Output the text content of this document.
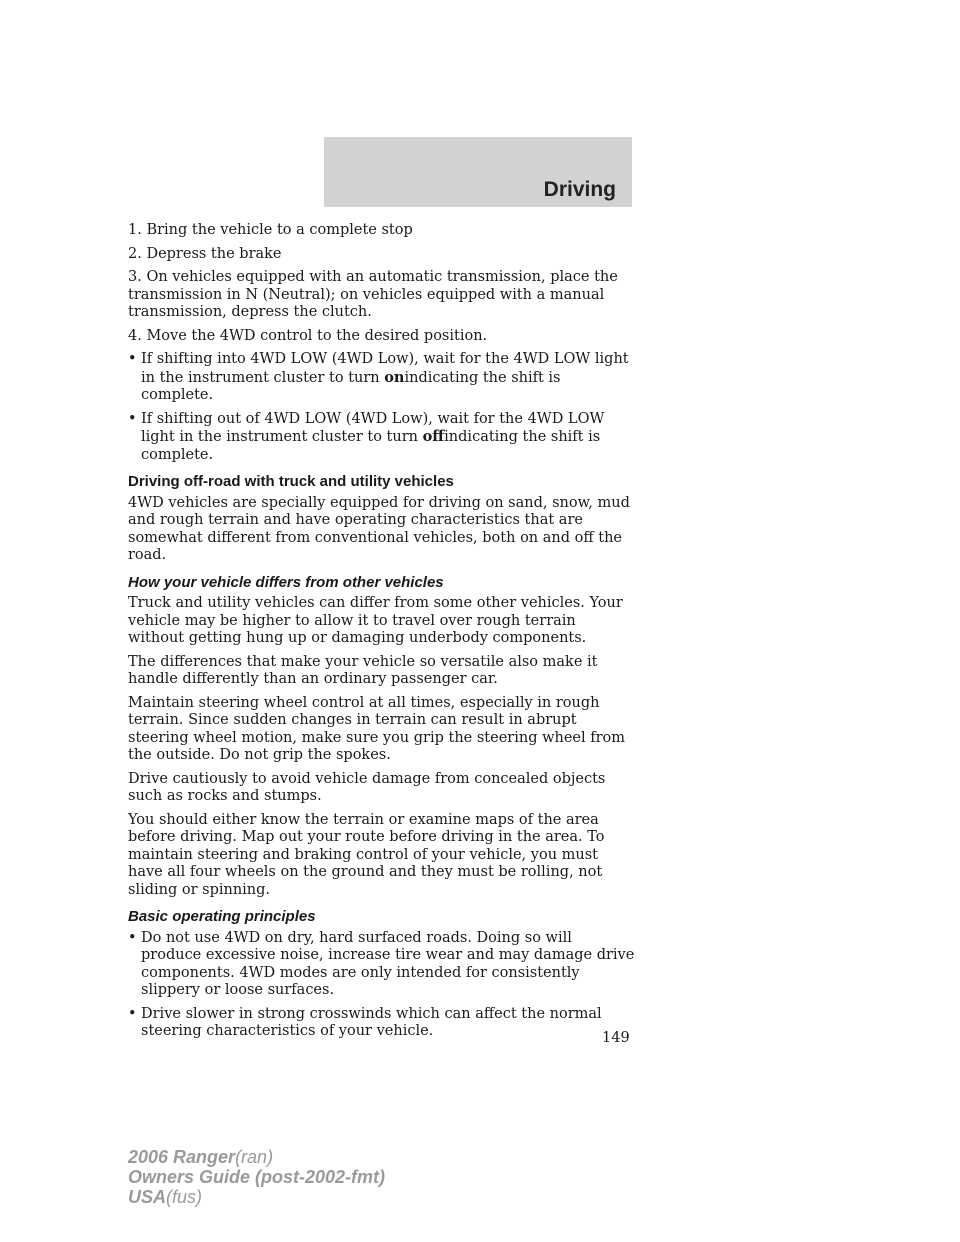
Driving

1. Bring the vehicle to a complete stop

2. Depress the brake

3. On vehicles equipped with an automatic transmission, place the transmission in N (Neutral); on vehicles equipped with a manual transmission, depress the clutch.

4. Move the 4WD control to the desired position.

• If shifting into 4WD LOW (4WD Low), wait for the 4WD LOW light in the instrument cluster to turn onindicating the shift is complete.
• If shifting out of 4WD LOW (4WD Low), wait for the 4WD LOW light in the instrument cluster to turn offindicating the shift is complete.
Driving off-road with truck and utility vehicles

4WD vehicles are specially equipped for driving on sand, snow, mud and rough terrain and have operating characteristics that are somewhat different from conventional vehicles, both on and off the road.

How your vehicle differs from other vehicles

Truck and utility vehicles can differ from some other vehicles. Your vehicle may be higher to allow it to travel over rough terrain without getting hung up or damaging underbody components.

The differences that make your vehicle so versatile also make it handle differently than an ordinary passenger car.

Maintain steering wheel control at all times, especially in rough terrain. Since sudden changes in terrain can result in abrupt steering wheel motion, make sure you grip the steering wheel from the outside. Do not grip the spokes.

Drive cautiously to avoid vehicle damage from concealed objects such as rocks and stumps.

You should either know the terrain or examine maps of the area before driving. Map out your route before driving in the area. To maintain steering and braking control of your vehicle, you must have all four wheels on the ground and they must be rolling, not sliding or spinning.

Basic operating principles
• Do not use 4WD on dry, hard surfaced roads. Doing so will produce excessive noise, increase tire wear and may damage drive components. 4WD modes are only intended for consistently slippery or loose surfaces.
• Drive slower in strong crosswinds which can affect the normal steering characteristics of your vehicle.	149
2006 Ranger(ran)
Owners Guide (post-2002-fmt)
USA(fus)
